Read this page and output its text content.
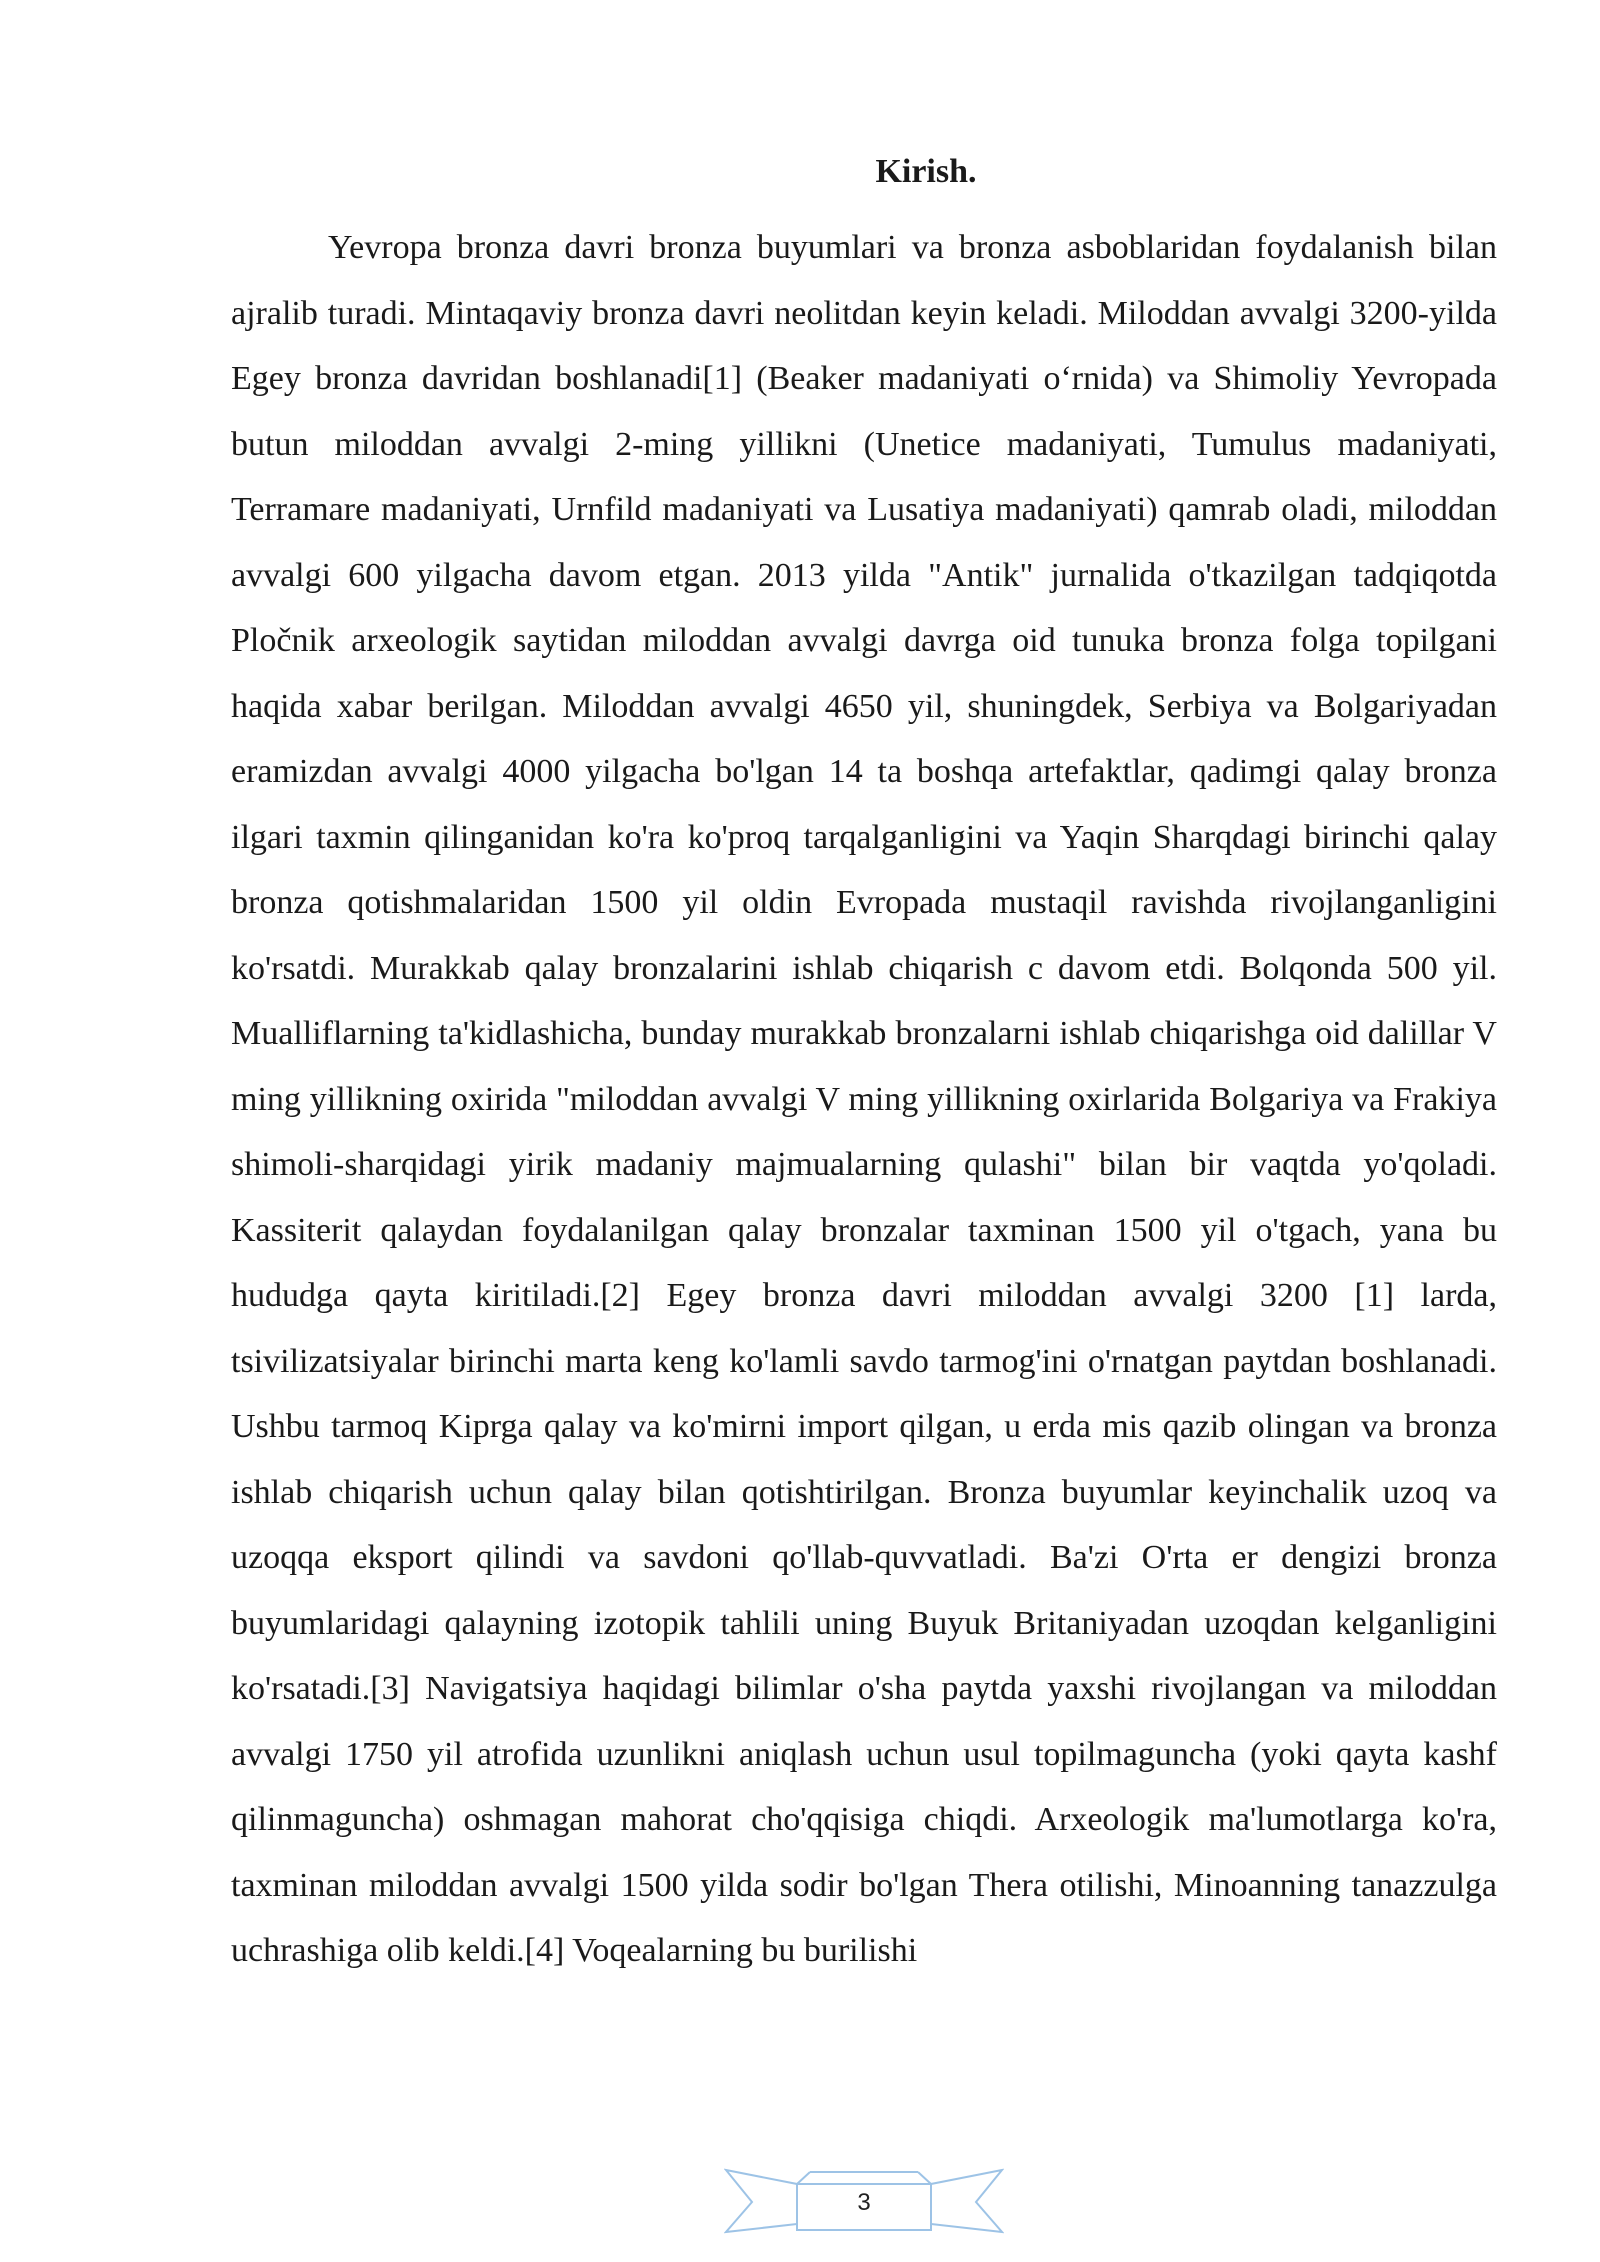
Kirish.

Yevropa bronza davri bronza buyumlari va bronza asboblaridan foydalanish bilan ajralib turadi. Mintaqaviy bronza davri neolitdan keyin keladi. Miloddan avvalgi 3200-yilda Egey bronza davridan boshlanadi[1] (Beaker madaniyati o‘rnida) va Shimoliy Yevropada butun miloddan avvalgi 2-ming yillikni (Unetice madaniyati, Tumulus madaniyati, Terramare madaniyati, Urnfild madaniyati va Lusatiya madaniyati) qamrab oladi, miloddan avvalgi 600 yilgacha davom etgan. 2013 yilda "Antik" jurnalida o'tkazilgan tadqiqotda Pločnik arxeologik saytidan miloddan avvalgi davrga oid tunuka bronza folga topilgani haqida xabar berilgan. Miloddan avvalgi 4650 yil, shuningdek, Serbiya va Bolgariyadan eramizdan avvalgi 4000 yilgacha bo'lgan 14 ta boshqa artefaktlar, qadimgi qalay bronza ilgari taxmin qilinganidan ko'ra ko'proq tarqalganligini va Yaqin Sharqdagi birinchi qalay bronza qotishmalaridan 1500 yil oldin Evropada mustaqil ravishda rivojlanganligini ko'rsatdi. Murakkab qalay bronzalarini ishlab chiqarish c davom etdi. Bolqonda 500 yil. Mualliflarning ta'kidlashicha, bunday murakkab bronzalarni ishlab chiqarishga oid dalillar V ming yillikning oxirida "miloddan avvalgi V ming yillikning oxirlarida Bolgariya va Frakiya shimoli-sharqidagi yirik madaniy majmualarning qulashi" bilan bir vaqtda yo'qoladi. Kassiterit qalaydan foydalanilgan qalay bronzalar taxminan 1500 yil o'tgach, yana bu hududga qayta kiritiladi.[2] Egey bronza davri miloddan avvalgi 3200 [1] larda, tsivilizatsiyalar birinchi marta keng ko'lamli savdo tarmog'ini o'rnatgan paytdan boshlanadi. Ushbu tarmoq Kiprga qalay va ko'mirni import qilgan, u erda mis qazib olingan va bronza ishlab chiqarish uchun qalay bilan qotishtirilgan. Bronza buyumlar keyinchalik uzoq va uzoqqa eksport qilindi va savdoni qo'llab-quvvatladi. Ba'zi O'rta er dengizi bronza buyumlaridagi qalayning izotopik tahlili uning Buyuk Britaniyadan uzoqdan kelganligini ko'rsatadi.[3] Navigatsiya haqidagi bilimlar o'sha paytda yaxshi rivojlangan va miloddan avvalgi 1750 yil atrofida uzunlikni aniqlash uchun usul topilmaguncha (yoki qayta kashf qilinmaguncha) oshmagan mahorat cho'qqisiga chiqdi. Arxeologik ma'lumotlarga ko'ra, taxminan miloddan avvalgi 1500 yilda sodir bo'lgan Thera otilishi, Minoanning tanazzulga uchrashiga olib keldi.[4] Voqealarning bu burilishi

3
